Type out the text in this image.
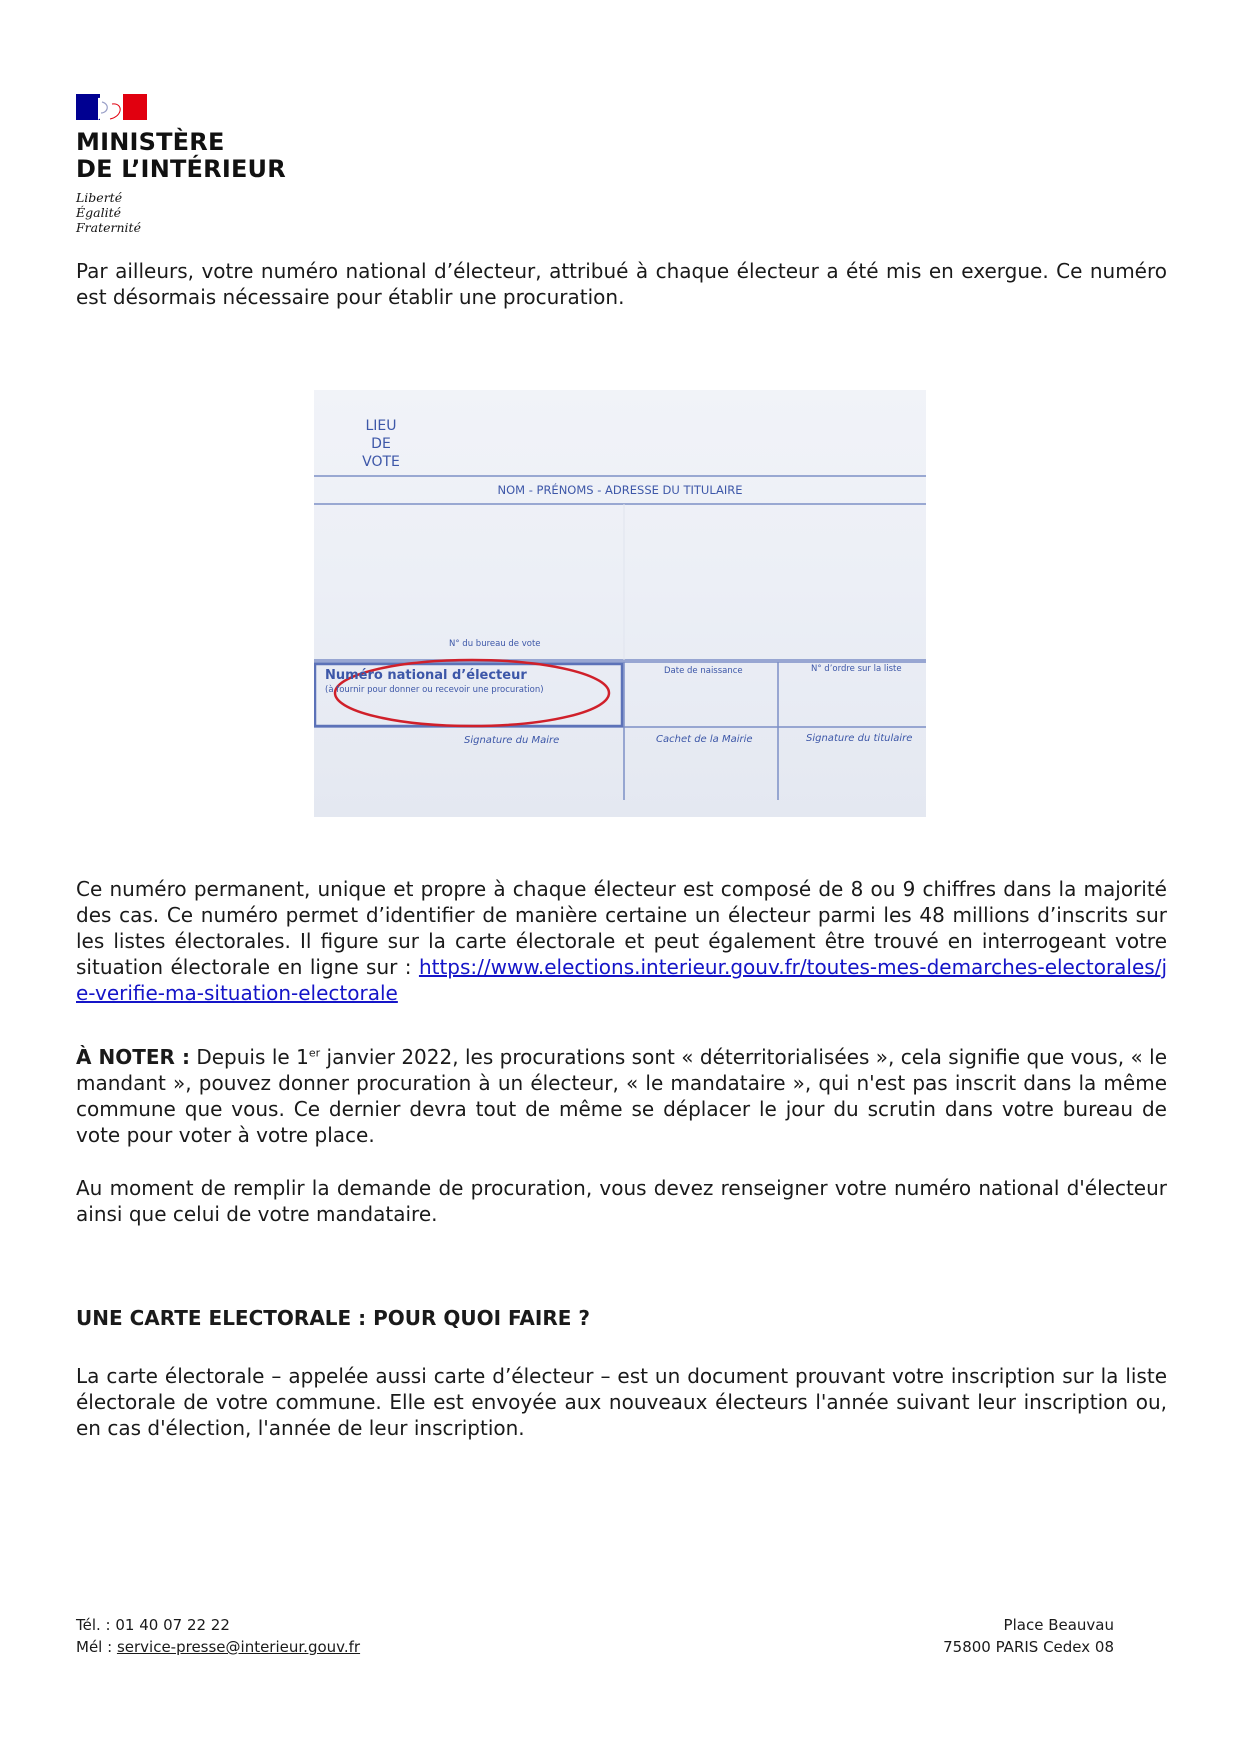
MINISTÈRE
DE L’INTÉRIEUR
Liberté
Égalité
Fraternité

Par ailleurs, votre numéro national d’électeur, attribué à chaque électeur a été mis en exergue. Ce numéro est désormais nécessaire pour établir une procuration.

LIEU
DE
VOTE
NOM - PRÉNOMS - ADRESSE DU TITULAIRE
N° du bureau de vote
Numéro national d’électeur
(à fournir pour donner ou recevoir une procuration)
Date de naissance	N° d’ordre sur la liste
Signature du Maire	Cachet de la Mairie	Signature du titulaire

Ce numéro permanent, unique et propre à chaque électeur est composé de 8 ou 9 chiffres dans la majorité des cas. Ce numéro permet d’identifier de manière certaine un électeur parmi les 48 millions d’inscrits sur les listes électorales. Il figure sur la carte électorale et peut également être trouvé en interrogeant votre situation électorale en ligne sur : https://www.elections.interieur.gouv.fr/toutes-mes-demarches-electorales/je-verifie-ma-situation-electorale

À NOTER : Depuis le 1er janvier 2022, les procurations sont « déterritorialisées », cela signifie que vous, « le mandant », pouvez donner procuration à un électeur, « le mandataire », qui n'est pas inscrit dans la même commune que vous. Ce dernier devra tout de même se déplacer le jour du scrutin dans votre bureau de vote pour voter à votre place.

Au moment de remplir la demande de procuration, vous devez renseigner votre numéro national d'électeur ainsi que celui de votre mandataire.

UNE CARTE ELECTORALE : POUR QUOI FAIRE ?

La carte électorale – appelée aussi carte d’électeur – est un document prouvant votre inscription sur la liste électorale de votre commune. Elle est envoyée aux nouveaux électeurs l'année suivant leur inscription ou, en cas d'élection, l'année de leur inscription.

Tél. : 01 40 07 22 22
Mél : service-presse@interieur.gouv.fr
Place Beauvau
75800 PARIS Cedex 08
